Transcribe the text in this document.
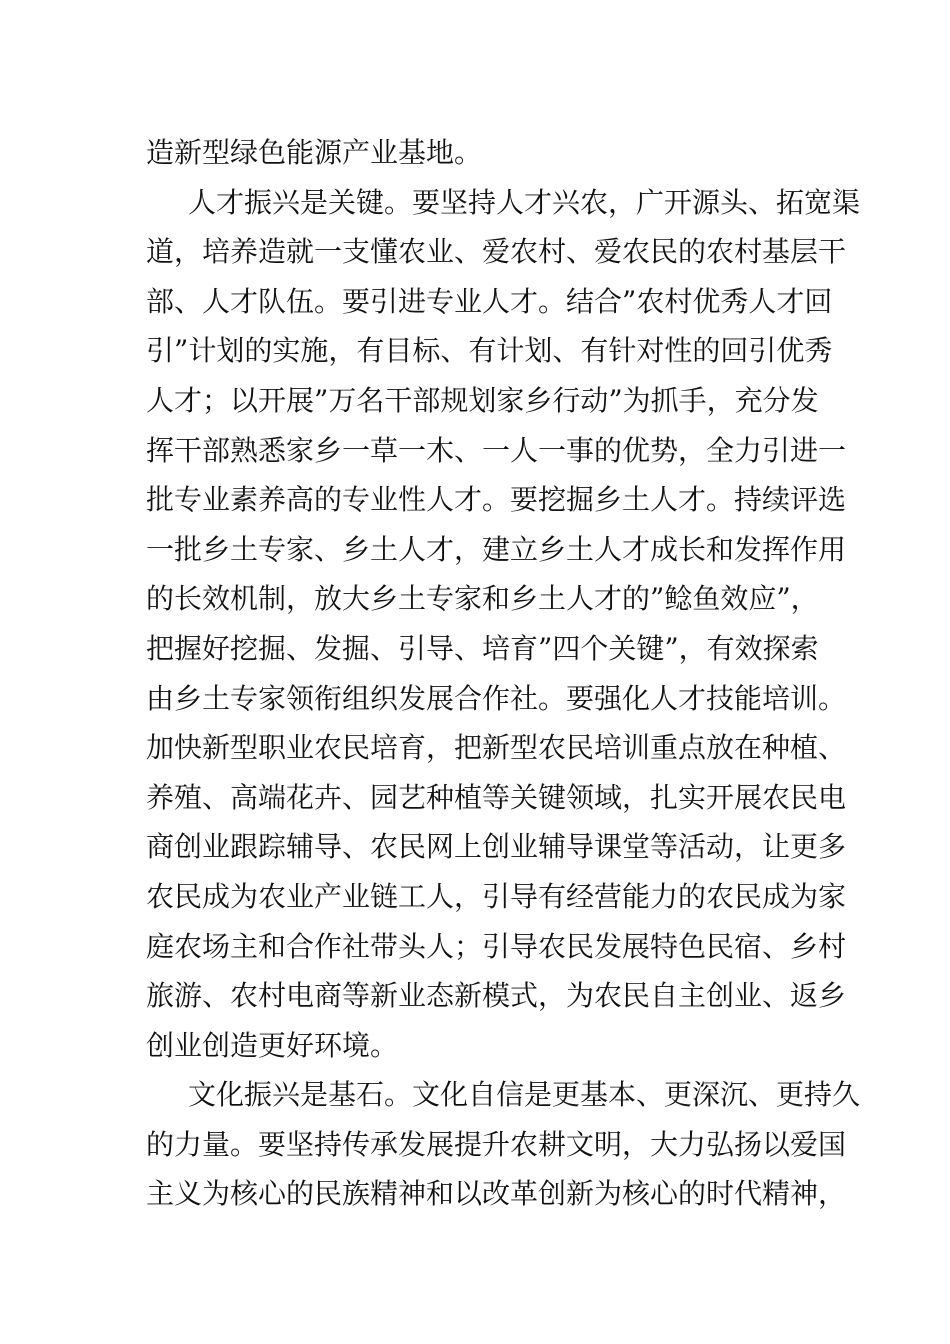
造新型绿色能源产业基地。
人才振兴是关键。要坚持人才兴农，广开源头、拓宽渠
道，培养造就一支懂农业、爱农村、爱农民的农村基层干
部、人才队伍。要引进专业人才。结合”农村优秀人才回
引”计划的实施，有目标、有计划、有针对性的回引优秀
人才；以开展”万名干部规划家乡行动”为抓手，充分发
挥干部熟悉家乡一草一木、一人一事的优势，全力引进一
批专业素养高的专业性人才。要挖掘乡土人才。持续评选
一批乡土专家、乡土人才，建立乡土人才成长和发挥作用
的长效机制，放大乡土专家和乡土人才的”鲶鱼效应”，
把握好挖掘、发掘、引导、培育”四个关键”，有效探索
由乡土专家领衔组织发展合作社。要强化人才技能培训。
加快新型职业农民培育，把新型农民培训重点放在种植、
养殖、高端花卉、园艺种植等关键领域，扎实开展农民电
商创业跟踪辅导、农民网上创业辅导课堂等活动，让更多
农民成为农业产业链工人，引导有经营能力的农民成为家
庭农场主和合作社带头人；引导农民发展特色民宿、乡村
旅游、农村电商等新业态新模式，为农民自主创业、返乡
创业创造更好环境。
文化振兴是基石。文化自信是更基本、更深沉、更持久
的力量。要坚持传承发展提升农耕文明，大力弘扬以爱国
主义为核心的民族精神和以改革创新为核心的时代精神，
